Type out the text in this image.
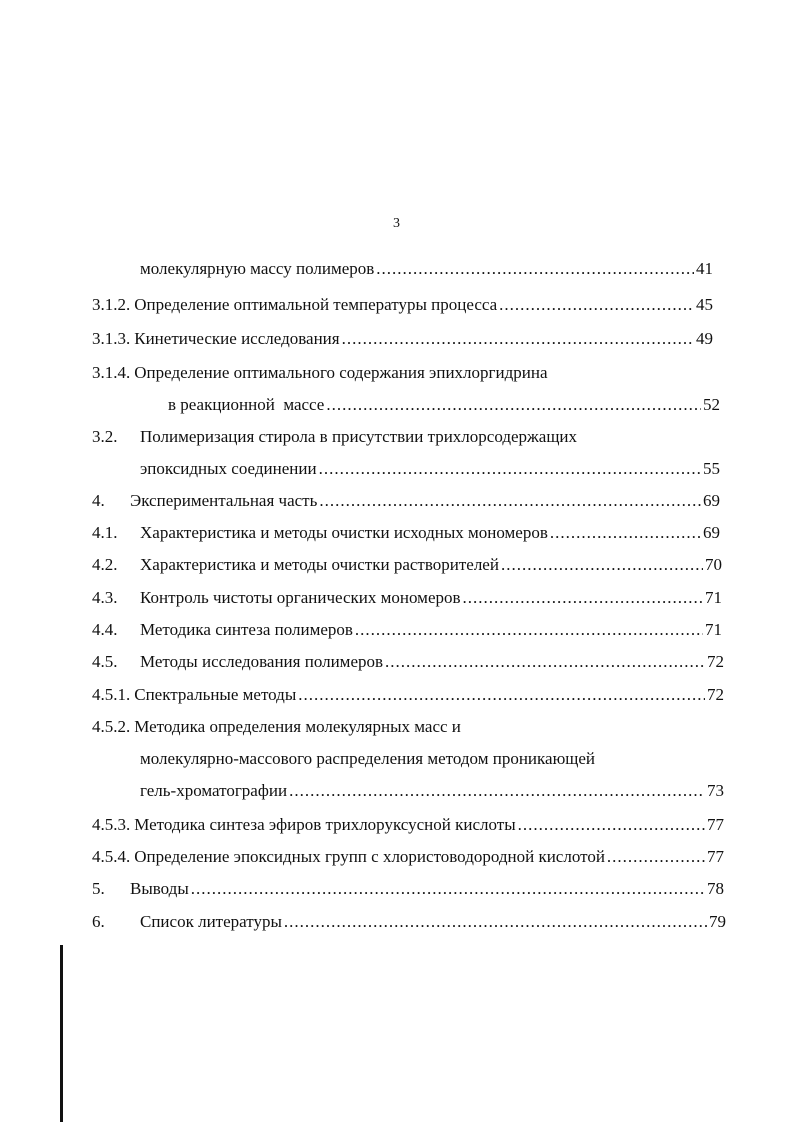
3
молекулярную массу полимеров .....	41
3.1.2. Определение оптимальной температуры процесса .....	45
3.1.3. Кинетические исследования .....	49
3.1.4. Определение оптимального содержания эпихлоргидрина
в реакционной  массе .....	52
3.2.	Полимеризация стирола в присутствии трихлорсодержащих
эпоксидных соединении .....	55
4.	Экспериментальная часть .....	69
4.1.	Характеристика и методы очистки исходных мономеров .....	69
4.2.	Характеристика и методы очистки растворителей .....	70
4.3.	Контроль чистоты органических мономеров .....	71
4.4.	Методика синтеза полимеров .....	71
4.5.	Методы исследования полимеров .....	72
4.5.1. Спектральные методы .....	72
4.5.2. Методика определения молекулярных масс и
молекулярно-массового распределения методом проникающей
гель-хроматографии .....	73
4.5.3. Методика синтеза эфиров трихлоруксусной кислоты .....	77
4.5.4. Определение эпоксидных групп с хлористоводородной кислотой .....	77
5.	Выводы .....	78
6.	Список литературы .....	79
